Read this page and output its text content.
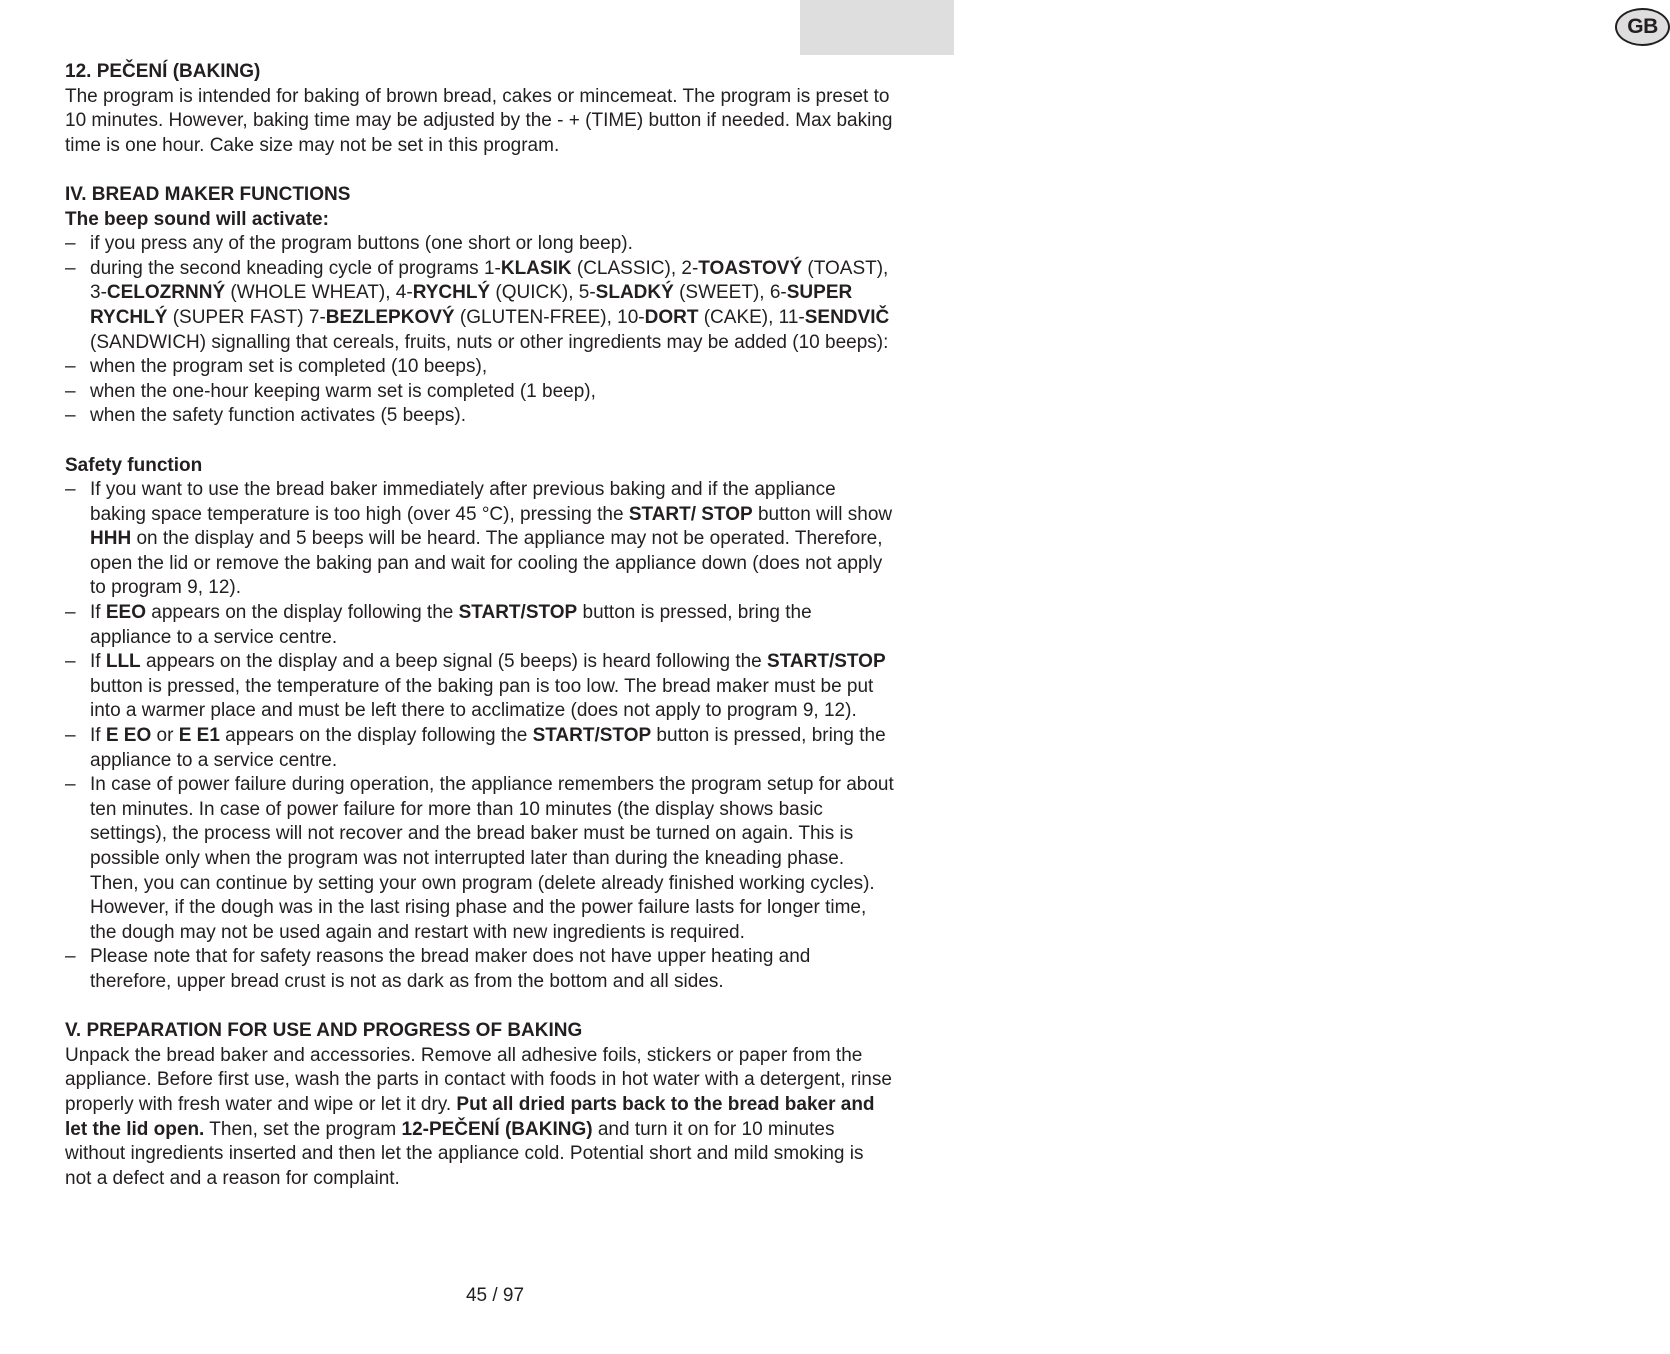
GB

12. PEČENÍ (BAKING)

The program is intended for baking of brown bread, cakes or mincemeat. The program is preset to 10 minutes. However, baking time may be adjusted by the - + (TIME) button if needed. Max baking time is one hour. Cake size may not be set in this program.

IV. BREAD MAKER FUNCTIONS

The beep sound will activate:

– if you press any of the program buttons (one short or long beep).
– during the second kneading cycle of programs 1-KLASIK (CLASSIC), 2-TOASTOVÝ (TOAST), 3-CELOZRNNÝ (WHOLE WHEAT), 4-RYCHLÝ (QUICK), 5-SLADKÝ (SWEET), 6-SUPER RYCHLÝ (SUPER FAST) 7-BEZLEPKOVÝ (GLUTEN-FREE), 10-DORT (CAKE), 11-SENDVIČ (SANDWICH) signalling that cereals, fruits, nuts or other ingredients may be added (10 beeps):
– when the program set is completed (10 beeps),
– when the one-hour keeping warm set is completed (1 beep),
– when the safety function activates (5 beeps).

Safety function

– If you want to use the bread baker immediately after previous baking and if the appliance baking space temperature is too high (over 45 °C), pressing the START/ STOP button will show HHH on the display and 5 beeps will be heard. The appliance may not be operated. Therefore, open the lid or remove the baking pan and wait for cooling the appliance down (does not apply to program 9, 12).
– If EEO appears on the display following the START/STOP button is pressed, bring the appliance to a service centre.
– If LLL appears on the display and a beep signal (5 beeps) is heard following the START/STOP button is pressed, the temperature of the baking pan is too low. The bread maker must be put into a warmer place and must be left there to acclimatize (does not apply to program 9, 12).
– If E EO or E E1 appears on the display following the START/STOP button is pressed, bring the appliance to a service centre.
– In case of power failure during operation, the appliance remembers the program setup for about ten minutes. In case of power failure for more than 10 minutes (the display shows basic settings), the process will not recover and the bread baker must be turned on again. This is possible only when the program was not interrupted later than during the kneading phase. Then, you can continue by setting your own program (delete already finished working cycles). However, if the dough was in the last rising phase and the power failure lasts for longer time, the dough may not be used again and restart with new ingredients is required.
– Please note that for safety reasons the bread maker does not have upper heating and therefore, upper bread crust is not as dark as from the bottom and all sides.

V. PREPARATION FOR USE AND PROGRESS OF BAKING

Unpack the bread baker and accessories. Remove all adhesive foils, stickers or paper from the appliance. Before first use, wash the parts in contact with foods in hot water with a detergent, rinse properly with fresh water and wipe or let it dry. Put all dried parts back to the bread baker and let the lid open. Then, set the program 12-PEČENÍ (BAKING) and turn it on for 10 minutes without ingredients inserted and then let the appliance cold. Potential short and mild smoking is not a defect and a reason for complaint.

45 / 97
